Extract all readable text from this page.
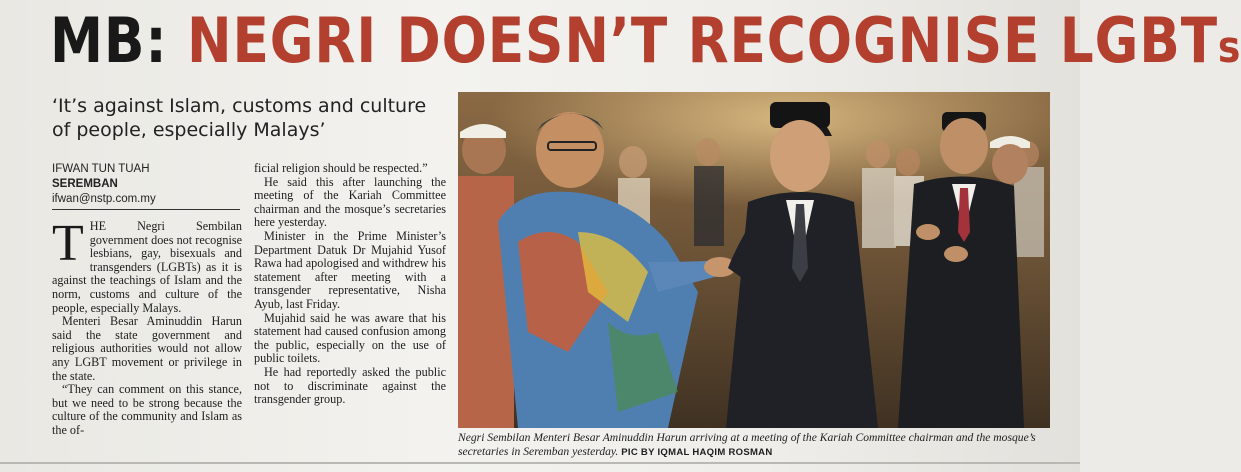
MB: NEGRI DOESN’T RECOGNISE LGBTs
‘It’s against Islam, customs and culture of people, especially Malays’
IFWAN TUN TUAH
SEREMBAN
ifwan@nstp.com.my
T HE Negri Sembilan government does not recognise lesbians, gay, bisexuals and transgenders (LGBTs) as it is against the teachings of Islam and the norm, customs and culture of the people, especially Malays.

Menteri Besar Aminuddin Harun said the state government and religious authorities would not allow any LGBT movement or privilege in the state.

“They can comment on this stance, but we need to be strong because the culture of the community and Islam as the of-

ficial religion should be respected.”

He said this after launching the meeting of the Kariah Committee chairman and the mosque’s secretaries here yesterday.

Minister in the Prime Minister’s Department Datuk Dr Mujahid Yusof Rawa had apologised and withdrew his statement after meeting with a transgender representative, Nisha Ayub, last Friday.

Mujahid said he was aware that his statement had caused confusion among the public, especially on the use of public toilets.

He had reportedly asked the public not to discriminate against the transgender group.

Negri Sembilan Menteri Besar Aminuddin Harun arriving at a meeting of the Kariah Committee chairman and the mosque’s secretaries in Seremban yesterday. PIC BY IQMAL HAQIM ROSMAN
